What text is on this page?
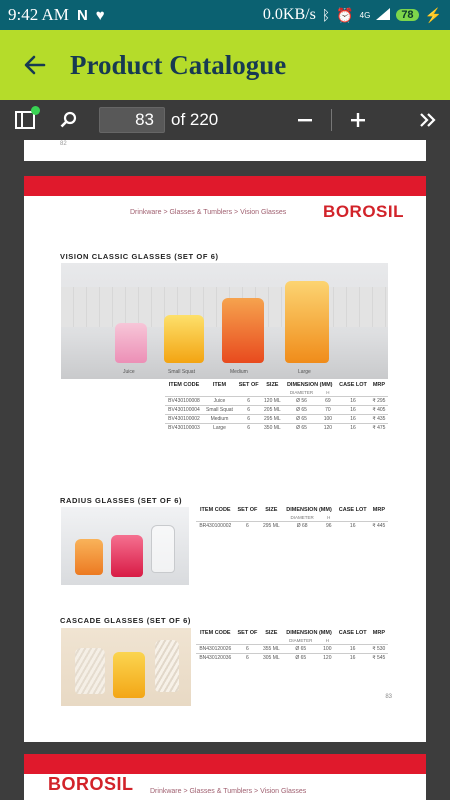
9:42 AM N ♥	0.0KB/s ᛒ ⏰ 4G	78 ⚡
Product Catalogue
83	of 220
82
Drinkware > Glasses & Tumblers > Vision Glasses BOROSIL
VISION CLASSIC GLASSES (SET OF 6)
Juice	Small Squat	Medium	Large
ITEM CODE	ITEM	SET OF	SIZE	DIMENSION (MM)		CASE LOT	MRP
				DIAMETER	H		
BV430100008	Juice	6	120 ML	Ø 56	69	16	₹ 295
BV430100004	Small Squat	6	205 ML	Ø 65	70	16	₹ 405
BV430100002	Medium	6	295 ML	Ø 65	100	16	₹ 435
BV430100003	Large	6	350 ML	Ø 65	120	16	₹ 475
RADIUS GLASSES (SET OF 6)
ITEM CODE	SET OF	SIZE	DIMENSION (MM)		CASE LOT	MRP
			DIAMETER	H		
BR430100002	6	295 ML	Ø 68	96	16	₹ 445
CASCADE GLASSES (SET OF 6)
ITEM CODE	SET OF	SIZE	DIMENSION (MM)		CASE LOT	MRP
			DIAMETER	H		
BN430120026	6	355 ML	Ø 65	100	16	₹ 530
BN430120036	6	305 ML	Ø 65	120	16	₹ 545
83
BOROSIL Drinkware > Glasses & Tumblers > Vision Glasses
